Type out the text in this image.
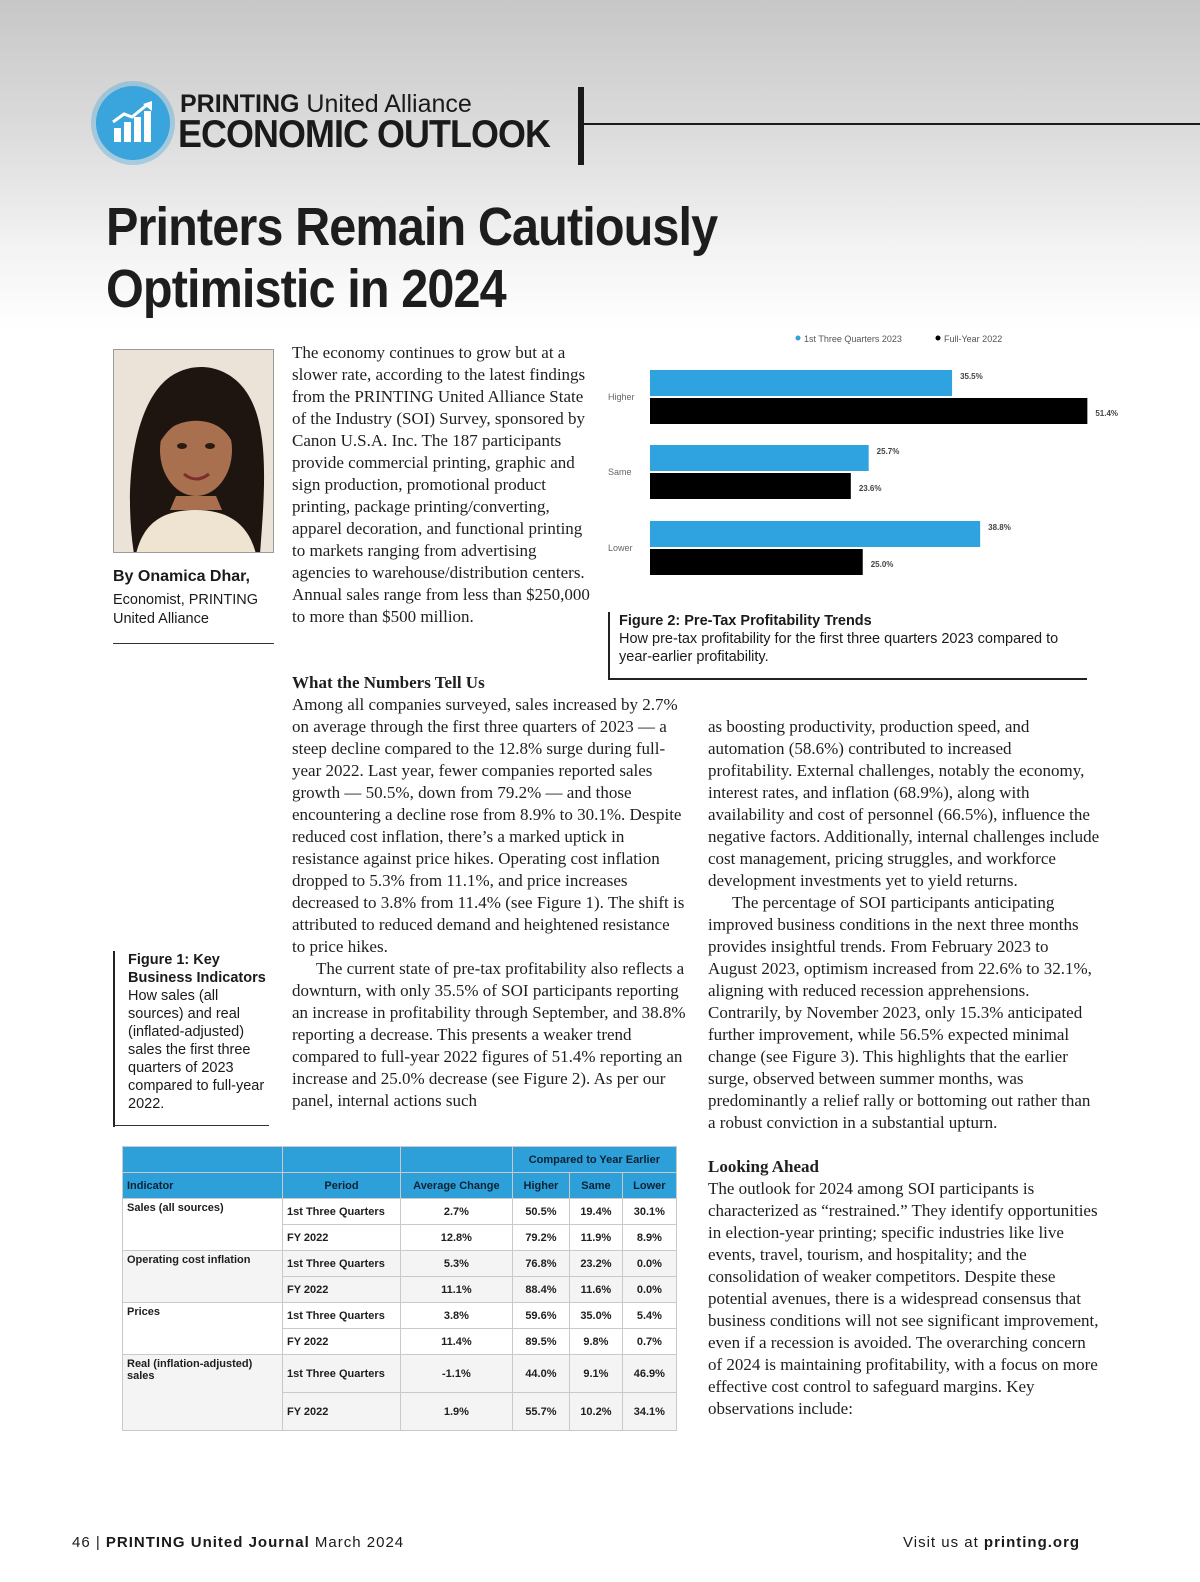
PRINTING United Alliance
ECONOMIC OUTLOOK
Printers Remain Cautiously Optimistic in 2024
By Onamica Dhar,
Economist, PRINTING United Alliance

The economy continues to grow but at a slower rate, according to the latest findings from the PRINTING United Alliance State of the Industry (SOI) Survey, sponsored by Canon U.S.A. Inc. The 187 participants provide commercial printing, graphic and sign production, promotional product printing, package printing/converting, apparel decoration, and functional printing to markets ranging from advertising agencies to warehouse/distribution centers. Annual sales range from less than $250,000 to more than $500 million.

What the Numbers Tell Us

Among all companies surveyed, sales increased by 2.7% on average through the first three quarters of 2023 — a steep decline compared to the 12.8% surge during full-year 2022. Last year, fewer companies reported sales growth — 50.5%, down from 79.2% — and those encountering a decline rose from 8.9% to 30.1%. Despite reduced cost inflation, there’s a marked uptick in resistance against price hikes. Operating cost inflation dropped to 5.3% from 11.1%, and price increases decreased to 3.8% from 11.4% (see Figure 1). The shift is attributed to reduced demand and heightened resistance to price hikes.

The current state of pre-tax profitability also reflects a downturn, with only 35.5% of SOI participants reporting an increase in profitability through September, and 38.8% reporting a decrease. This presents a weaker trend compared to full-year 2022 figures of 51.4% reporting an increase and 25.0% decrease (see Figure 2). As per our panel, internal actions such

as boosting productivity, production speed, and automation (58.6%) contributed to increased profitability. External challenges, notably the economy, interest rates, and inflation (68.9%), along with availability and cost of personnel (66.5%), influence the negative factors. Additionally, internal challenges include cost management, pricing struggles, and workforce development investments yet to yield returns.

The percentage of SOI participants anticipating improved business conditions in the next three months provides insightful trends. From February 2023 to August 2023, optimism increased from 22.6% to 32.1%, aligning with reduced recession apprehensions. Contrarily, by November 2023, only 15.3% anticipated further improvement, while 56.5% expected minimal change (see Figure 3). This highlights that the earlier surge, observed between summer months, was predominantly a relief rally or bottoming out rather than a robust conviction in a substantial upturn.

Looking Ahead

The outlook for 2024 among SOI participants is characterized as “restrained.” They identify opportunities in election-year printing; specific industries like live events, travel, tourism, and hospitality; and the consolidation of weaker competitors. Despite these potential avenues, there is a widespread consensus that business conditions will not see significant improvement, even if a recession is avoided. The overarching concern of 2024 is maintaining profitability, with a focus on more effective cost control to safeguard margins. Key observations include:

1st Three Quarters 2023	Full-Year 2022
Higher
35.5%
51.4%
Same
25.7%
23.6%
Lower
38.8%
25.0%
Figure 2: Pre-Tax Profitability Trends
How pre-tax profitability for the first three quarters 2023 compared to year-earlier profitability.
Figure 1: Key Business Indicators
How sales (all sources) and real (inflated-adjusted) sales the first three quarters of 2023 compared to full-year 2022.
			Compared to Year Earlier		
Indicator	Period	Average Change	Higher	Same	Lower
Sales (all sources)	1st Three Quarters	2.7%	50.5%	19.4%	30.1%
	FY 2022	12.8%	79.2%	11.9%	8.9%
Operating cost inflation	1st Three Quarters	5.3%	76.8%	23.2%	0.0%
	FY 2022	11.1%	88.4%	11.6%	0.0%
Prices	1st Three Quarters	3.8%	59.6%	35.0%	5.4%
	FY 2022	11.4%	89.5%	9.8%	0.7%
Real (inflation-adjusted) sales	1st Three Quarters	-1.1%	44.0%	9.1%	46.9%
	FY 2022	1.9%	55.7%	10.2%	34.1%
46 | PRINTING United Journal March 2024	Visit us at printing.org
